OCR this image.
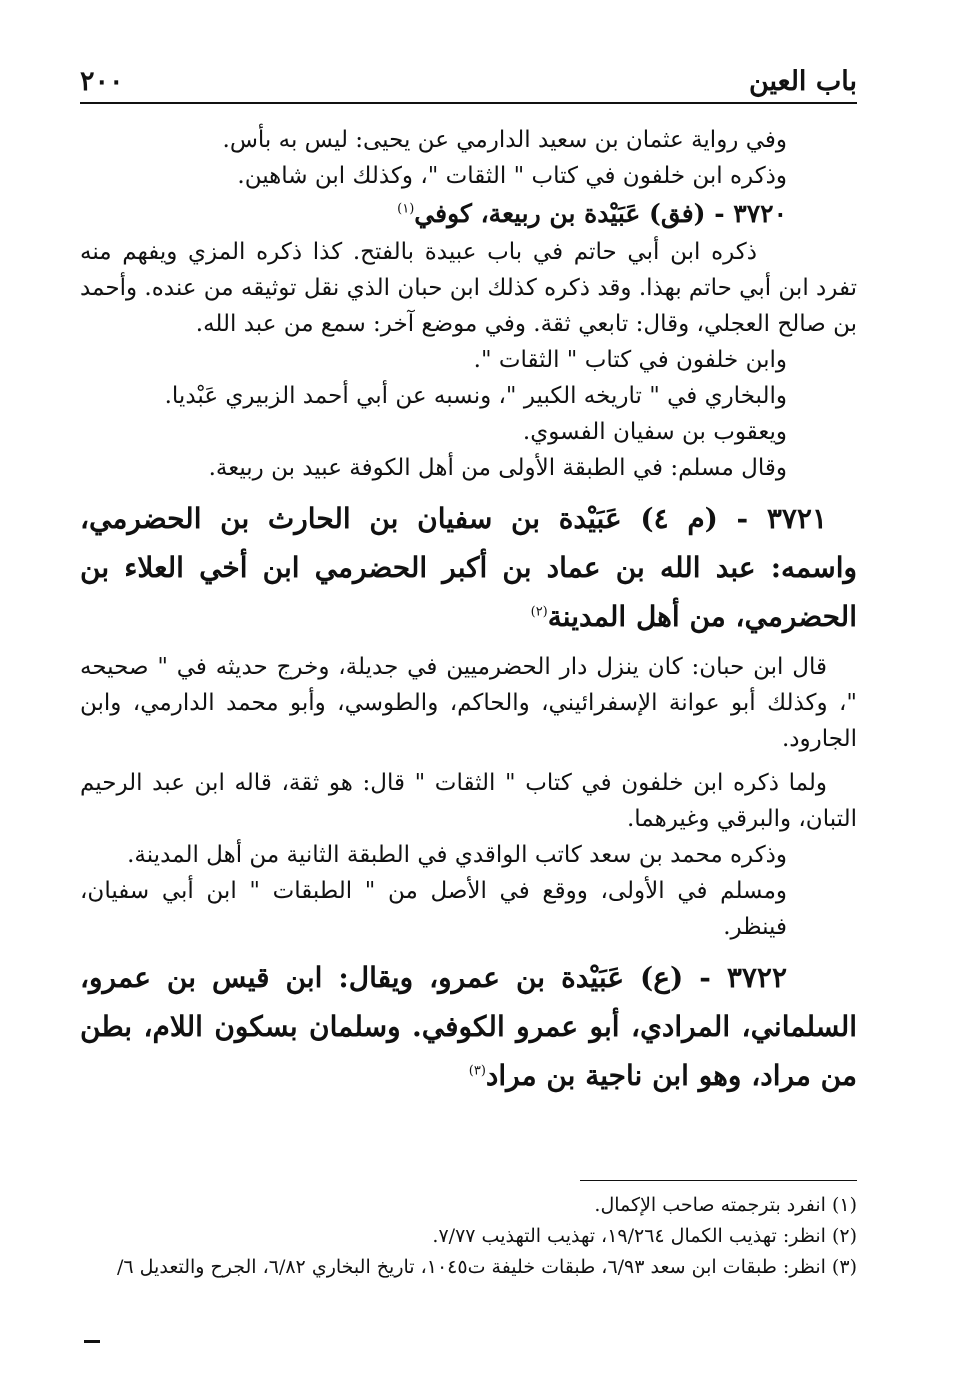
باب العين
٢٠٠

وفي رواية عثمان بن سعيد الدارمي عن يحيى: ليس به بأس.

وذكره ابن خلفون في كتاب " الثقات "، وكذلك ابن شاهين.

٣٧٢٠ - (فق) عَبَيْدة بن ربيعة، كوفي$^{(١)}$

ذكره ابن أبي حاتم في باب عبيدة بالفتح. كذا ذكره المزي ويفهم منه تفرد ابن أبي حاتم بهذا. وقد ذكره كذلك ابن حبان الذي نقل توثيقه من عنده. وأحمد بن صالح العجلي، وقال: تابعي ثقة. وفي موضع آخر: سمع من عبد الله.

وابن خلفون في كتاب " الثقات ".

والبخاري في " تاريخه الكبير "، ونسبه عن أبي أحمد الزبيري عَبْديا.

ويعقوب بن سفيان الفسوي.

وقال مسلم: في الطبقة الأولى من أهل الكوفة عبيد بن ربيعة.

٣٧٢١ - (م ٤) عَبَيْدة بن سفيان بن الحارث بن الحضرمي، واسمه: عبد الله بن عماد بن أكبر الحضرمي ابن أخي العلاء بن الحضرمي، من أهل المدينة$^{(٢)}$

قال ابن حبان: كان ينزل دار الحضرميين في جديلة، وخرج حديثه في " صحيحه "، وكذلك أبو عوانة الإسفرائيني، والحاكم، والطوسي، وأبو محمد الدارمي، وابن الجارود.

ولما ذكره ابن خلفون في كتاب " الثقات " قال: هو ثقة، قاله ابن عبد الرحيم التبان، والبرقي وغيرهما.

وذكره محمد بن سعد كاتب الواقدي في الطبقة الثانية من أهل المدينة.

ومسلم في الأولى، ووقع في الأصل من " الطبقات " ابن أبي سفيان، فينظر.

٣٧٢٢ - (ع) عَبَيْدة بن عمرو، ويقال: ابن قيس بن عمرو، السلماني، المرادي، أبو عمرو الكوفي. وسلمان بسكون اللام، بطن من مراد، وهو ابن ناجية بن مراد$^{(٣)}$

(١) انفرد بترجمته صاحب الإكمال.

(٢) انظر: تهذيب الكمال ١٩/٢٦٤، تهذيب التهذيب ٧/٧٧.

(٣) انظر: طبقات ابن سعد ٦/٩٣، طبقات خليفة ت١٠٤٥، تاريخ البخاري ٦/٨٢، الجرح والتعديل ٦/
